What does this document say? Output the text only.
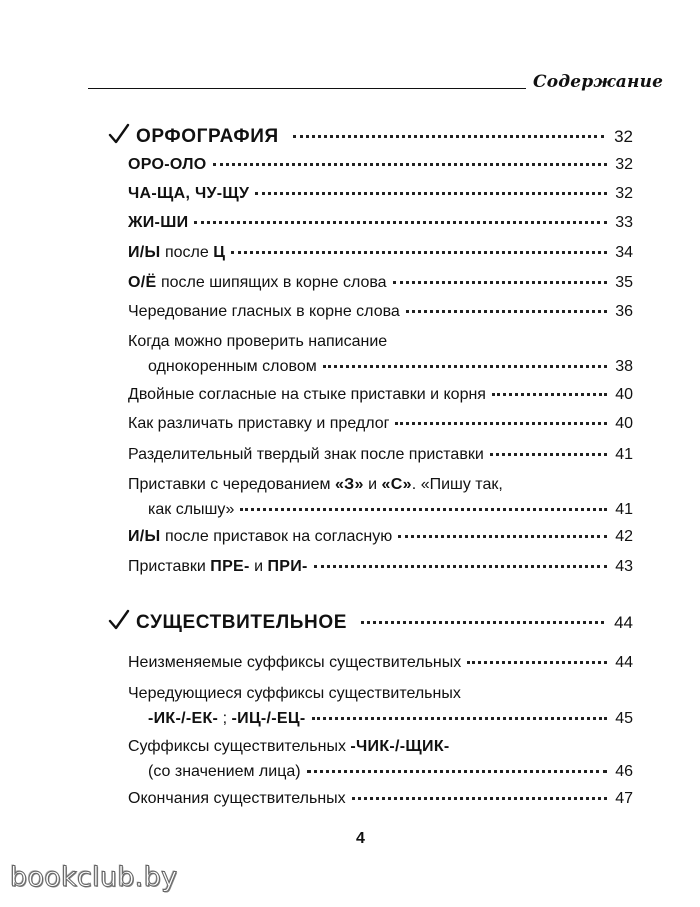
Содержание
ОРФОГРАФИЯ	32
ОРО-ОЛО	32
ЧА-ЩА, ЧУ-ЩУ	32
ЖИ-ШИ	33
И/Ы после Ц	34
О/Ё после шипящих в корне слова	35
Чередование гласных в корне слова	36
Когда можно проверить написание
однокоренным словом	38
Двойные согласные на стыке приставки и корня	40
Как различать приставку и предлог	40
Разделительный твердый знак после приставки	41
Приставки с чередованием «З» и «С». «Пишу так,
как слышу»	41
И/Ы после приставок на согласную	42
Приставки ПРЕ- и ПРИ-	43
СУЩЕСТВИТЕЛЬНОЕ	44
Неизменяемые суффиксы существительных	44
Чередующиеся суффиксы существительных
-ИК-/-ЕК- ; -ИЦ-/-ЕЦ-	45
Суффиксы существительных -ЧИК-/-ЩИК-
(со значением лица)	46
Окончания существительных	47
4
bookclub.by
